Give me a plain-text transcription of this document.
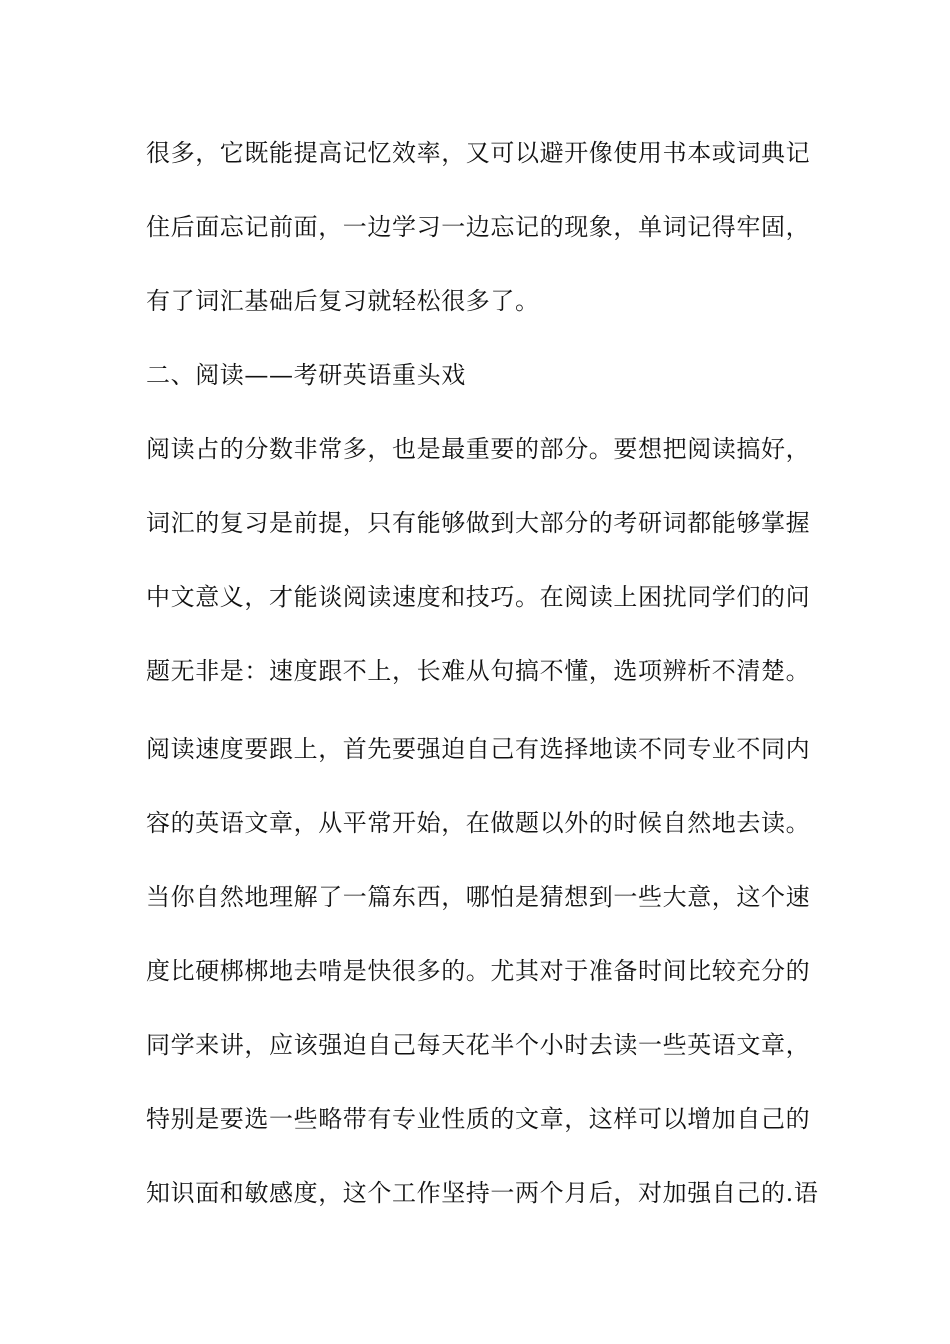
很多，它既能提高记忆效率，又可以避开像使用书本或词典记
住后面忘记前面，一边学习一边忘记的现象，单词记得牢固，
有了词汇基础后复习就轻松很多了。
二、阅读——考研英语重头戏
阅读占的分数非常多，也是最重要的部分。要想把阅读搞好，
词汇的复习是前提，只有能够做到大部分的考研词都能够掌握
中文意义，才能谈阅读速度和技巧。在阅读上困扰同学们的问
题无非是：速度跟不上，长难从句搞不懂，选项辨析不清楚。
阅读速度要跟上，首先要强迫自己有选择地读不同专业不同内
容的英语文章，从平常开始，在做题以外的时候自然地去读。
当你自然地理解了一篇东西，哪怕是猜想到一些大意，这个速
度比硬梆梆地去啃是快很多的。尤其对于准备时间比较充分的
同学来讲，应该强迫自己每天花半个小时去读一些英语文章，
特别是要选一些略带有专业性质的文章，这样可以增加自己的
知识面和敏感度，这个工作坚持一两个月后，对加强自己的.语
